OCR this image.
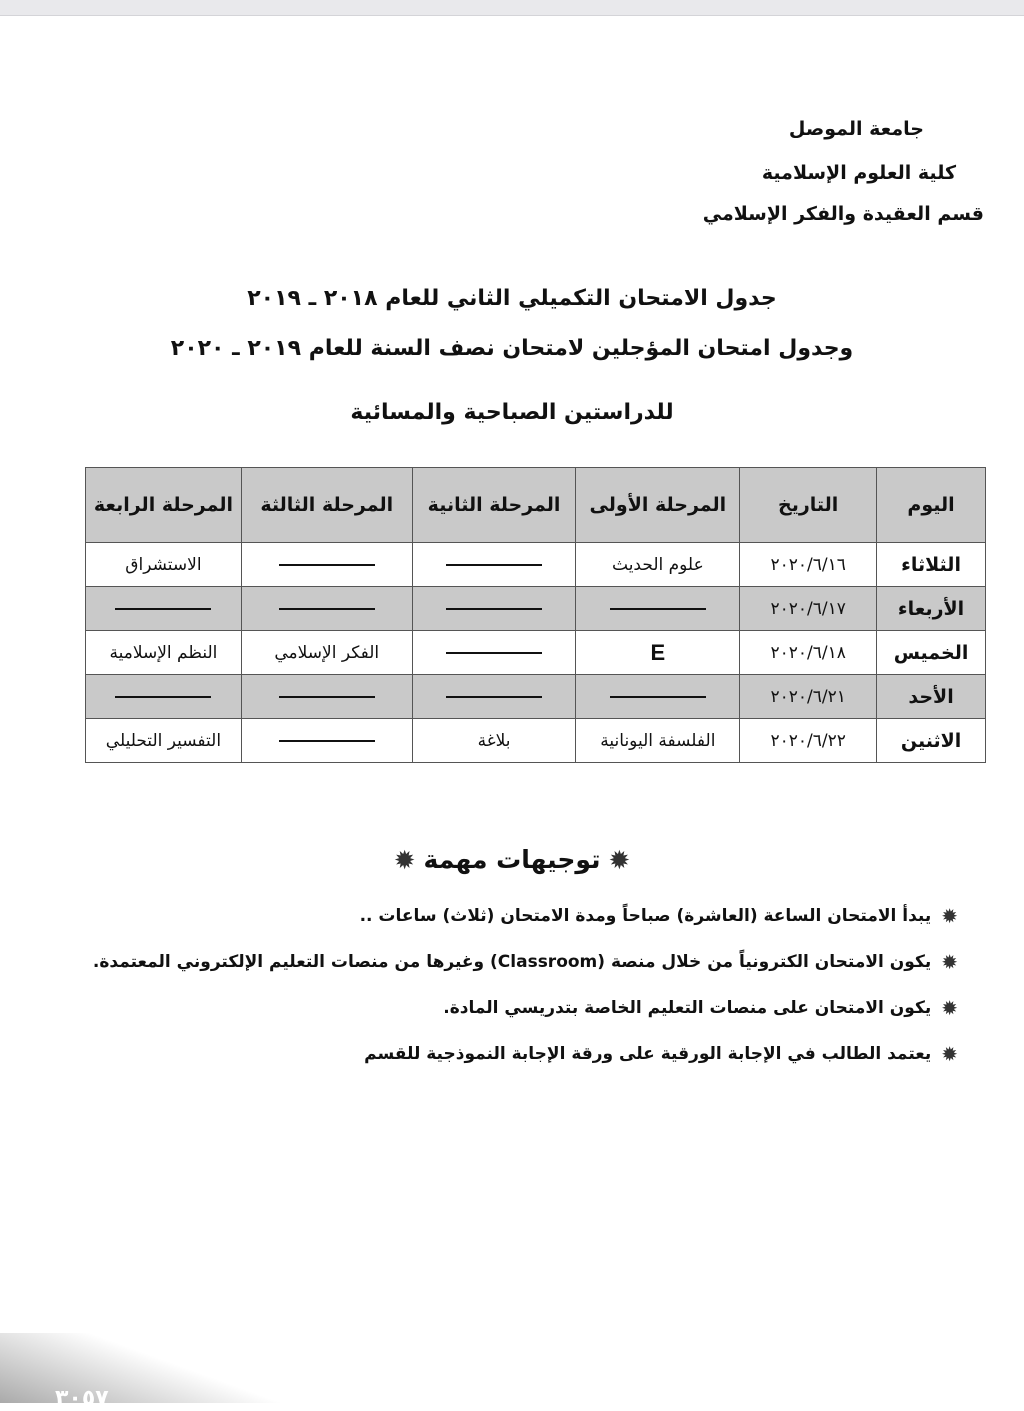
جامعة الموصل
كلية العلوم الإسلامية
قسم العقيدة والفكر الإسلامي
جدول الامتحان التكميلي الثاني للعام ٢٠١٨ ـ ٢٠١٩
وجدول امتحان المؤجلين لامتحان نصف السنة للعام ٢٠١٩ ـ ٢٠٢٠
للدراستين الصباحية والمسائية
اليوم	التاريخ	المرحلة الأولى	المرحلة الثانية	المرحلة الثالثة	المرحلة الرابعة
الثلاثاء	٢٠٢٠/٦/١٦	علوم الحديث			الاستشراق
الأربعاء	٢٠٢٠/٦/١٧				
الخميس	٢٠٢٠/٦/١٨	E		الفكر الإسلامي	النظم الإسلامية
الأحد	٢٠٢٠/٦/٢١				
الاثنين	٢٠٢٠/٦/٢٢	الفلسفة اليونانية	بلاغة		التفسير التحليلي
✹توجيهات مهمة✹
✹يبدأ الامتحان الساعة (العاشرة) صباحاً ومدة الامتحان (ثلاث) ساعات ..
✹يكون الامتحان الكترونياً من خلال منصة (Classroom) وغيرها من منصات التعليم الإلكتروني المعتمدة.
✹يكون الامتحان على منصات التعليم الخاصة بتدريسي المادة.
✹يعتمد الطالب في الإجابة الورقية على ورقة الإجابة النموذجية للقسم
٣٠٥٧
